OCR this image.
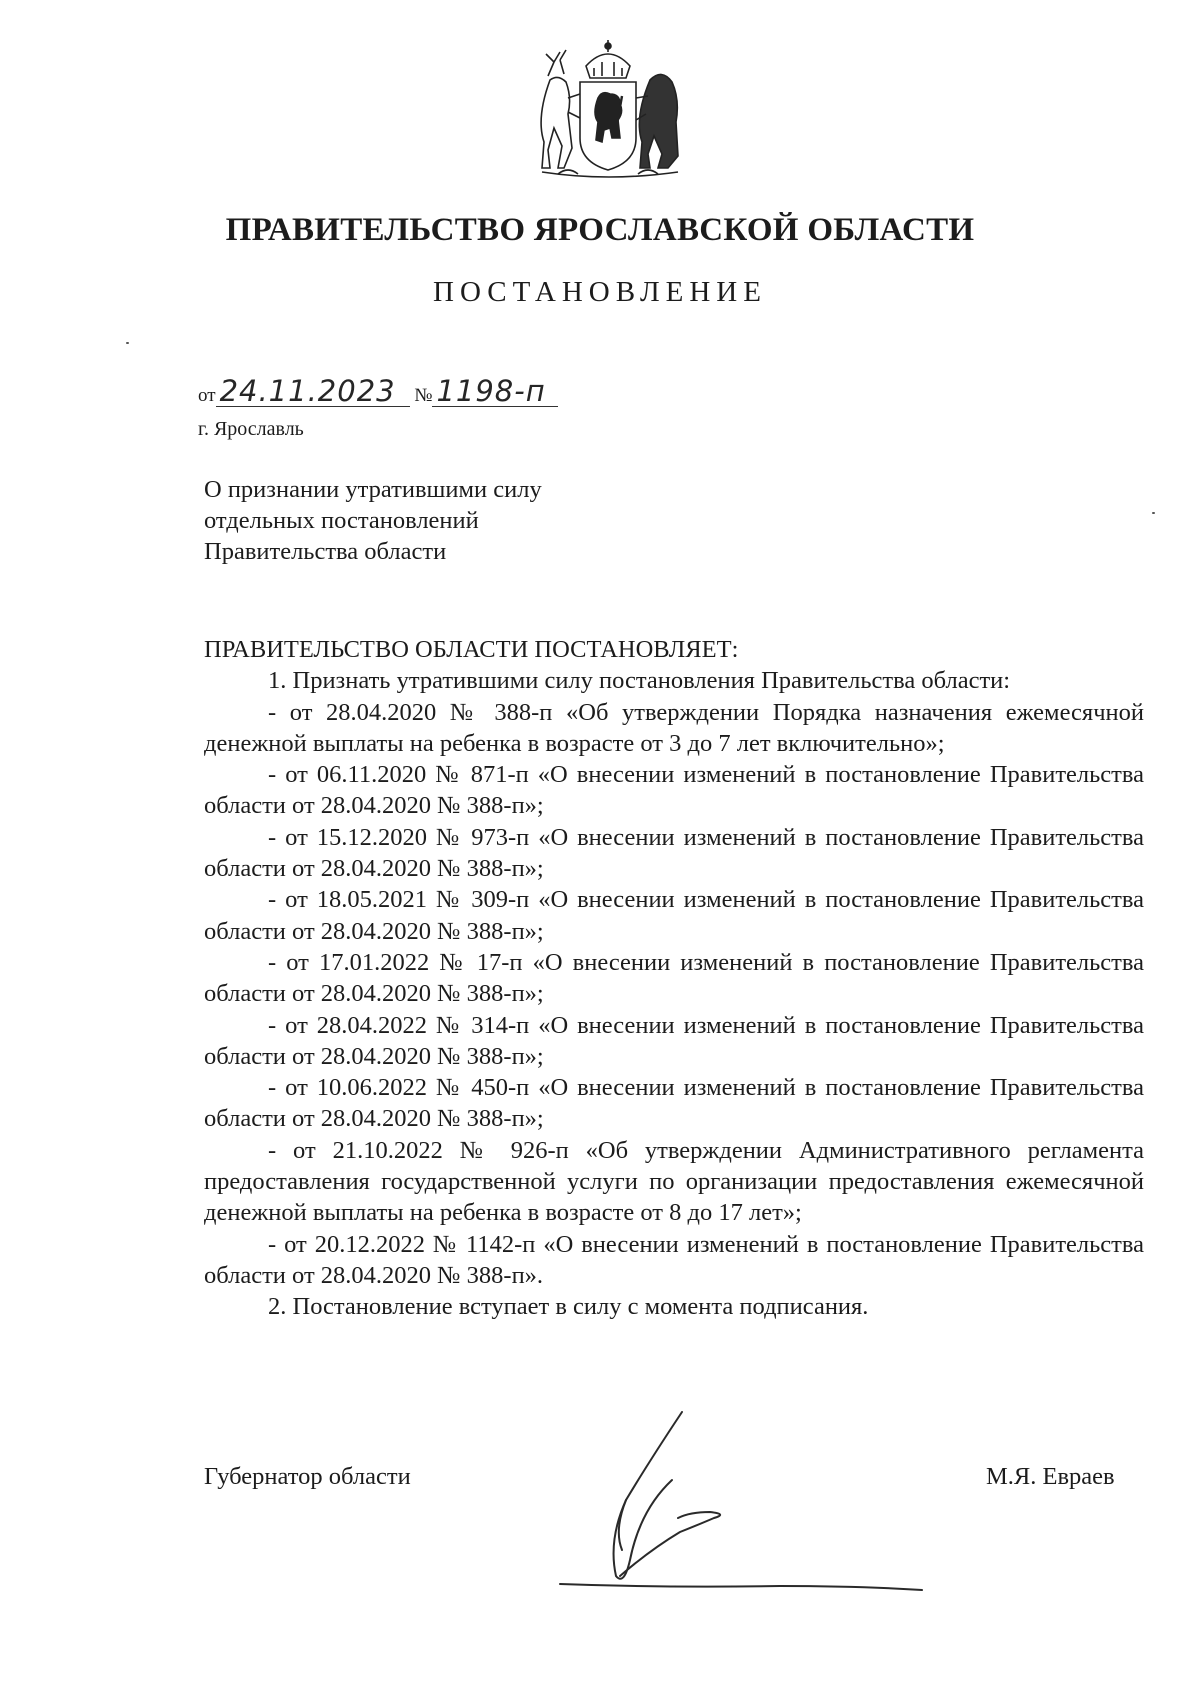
ПРАВИТЕЛЬСТВО ЯРОСЛАВСКОЙ ОБЛАСТИ
ПОСТАНОВЛЕНИЕ
от 24.11.2023 № 1198-п
г. Ярославль
О признании утратившими силу
отдельных постановлений
Правительства области

ПРАВИТЕЛЬСТВО ОБЛАСТИ ПОСТАНОВЛЯЕТ:

1. Признать утратившими силу постановления Правительства области:

- от 28.04.2020 № 388-п «Об утверждении Порядка назначения ежемесячной денежной выплаты на ребенка в возрасте от 3 до 7 лет включительно»;

- от 06.11.2020 № 871-п «О внесении изменений в постановление Правительства области от 28.04.2020 № 388-п»;

- от 15.12.2020 № 973-п «О внесении изменений в постановление Правительства области от 28.04.2020 № 388-п»;

- от 18.05.2021 № 309-п «О внесении изменений в постановление Правительства области от 28.04.2020 № 388-п»;

- от 17.01.2022 № 17-п «О внесении изменений в постановление Правительства области от 28.04.2020 № 388-п»;

- от 28.04.2022 № 314-п «О внесении изменений в постановление Правительства области от 28.04.2020 № 388-п»;

- от 10.06.2022 № 450-п «О внесении изменений в постановление Правительства области от 28.04.2020 № 388-п»;

- от 21.10.2022 № 926-п «Об утверждении Административного регламента предоставления государственной услуги по организации предоставления ежемесячной денежной выплаты на ребенка в возрасте от 8 до 17 лет»;

- от 20.12.2022 № 1142-п «О внесении изменений в постановление Правительства области от 28.04.2020 № 388-п».

2. Постановление вступает в силу с момента подписания.

Губернатор области	М.Я. Евраев
